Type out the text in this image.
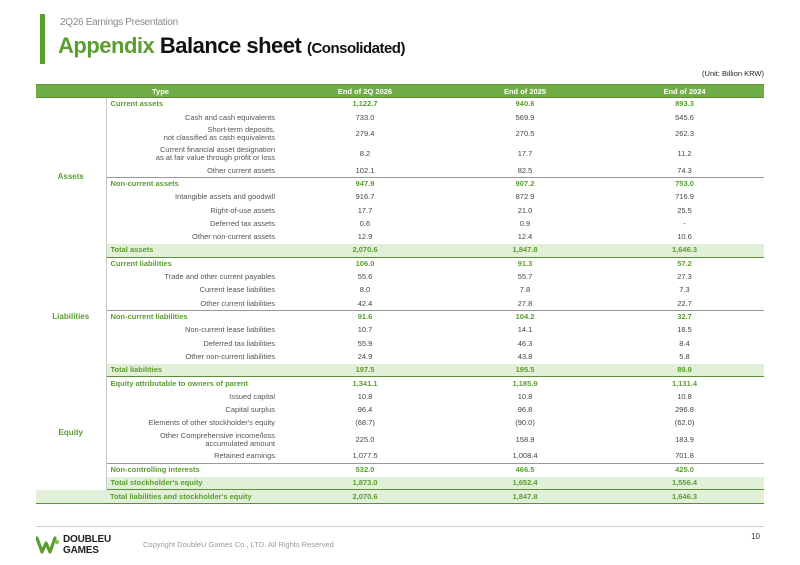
2Q26 Earnings Presentation
Appendix Balance sheet (Consolidated)
(Unit: Billion KRW)
Type		End of 2Q 2026	End of 2025	End of 2024
Assets	Current assets	1,122.7	940.6	893.3
	Cash and cash equivalents	733.0	569.9	545.6
	Short-term deposits,
not classified as cash equivalents	279.4	270.5	262.3
	Current financial asset designation
as at fair value through profit or loss	8.2	17.7	11.2
	Other current assets	102.1	82.5	74.3
	Non-current assets	947.9	907.2	753.0
	Intangible assets and goodwill	916.7	872.9	716.9
	Right-of-use assets	17.7	21.0	25.5
	Deferred tax assets	0.6	0.9	-
	Other non-current assets	12.9	12.4	10.6
	Total assets	2,070.6	1,847.8	1,646.3
Liabilities	Current liabilities	106.0	91.3	57.2
	Trade and other current payables	55.6	55.7	27.3
	Current lease liabilities	8.0	7.8	7.3
	Other current liabilities	42.4	27.8	22.7
	Non-current liabilities	91.6	104.2	32.7
	Non-current lease liabilities	10.7	14.1	18.5
	Deferred tax liabilities	55.9	46.3	8.4
	Other non-current liabilities	24.9	43.8	5.8
	Total liabilities	197.5	195.5	89.9
Equity	Equity attributable to owners of parent	1,341.1	1,185.9	1,131.4
	Issued capital	10.8	10.8	10.8
	Capital surplus	96.4	96.8	296.8
	Elements of other stockholder's equity	(68.7)	(90.0)	(62.0)
	Other Comprehensive income/loss
accumulated amount	225.0	158.9	183.9
	Retained earnings	1,077.5	1,008.4	701.8
	Non-controlling interests	532.0	466.5	425.0
	Total stockholder's equity	1,873.0	1,652.4	1,556.4
	Total liabilities and stockholder's equity	2,070.6	1,847.8	1,646.3
10
DOUBLEU
GAMES
Copyright DoubleU Games Co., LTD. All Rights Reserved
